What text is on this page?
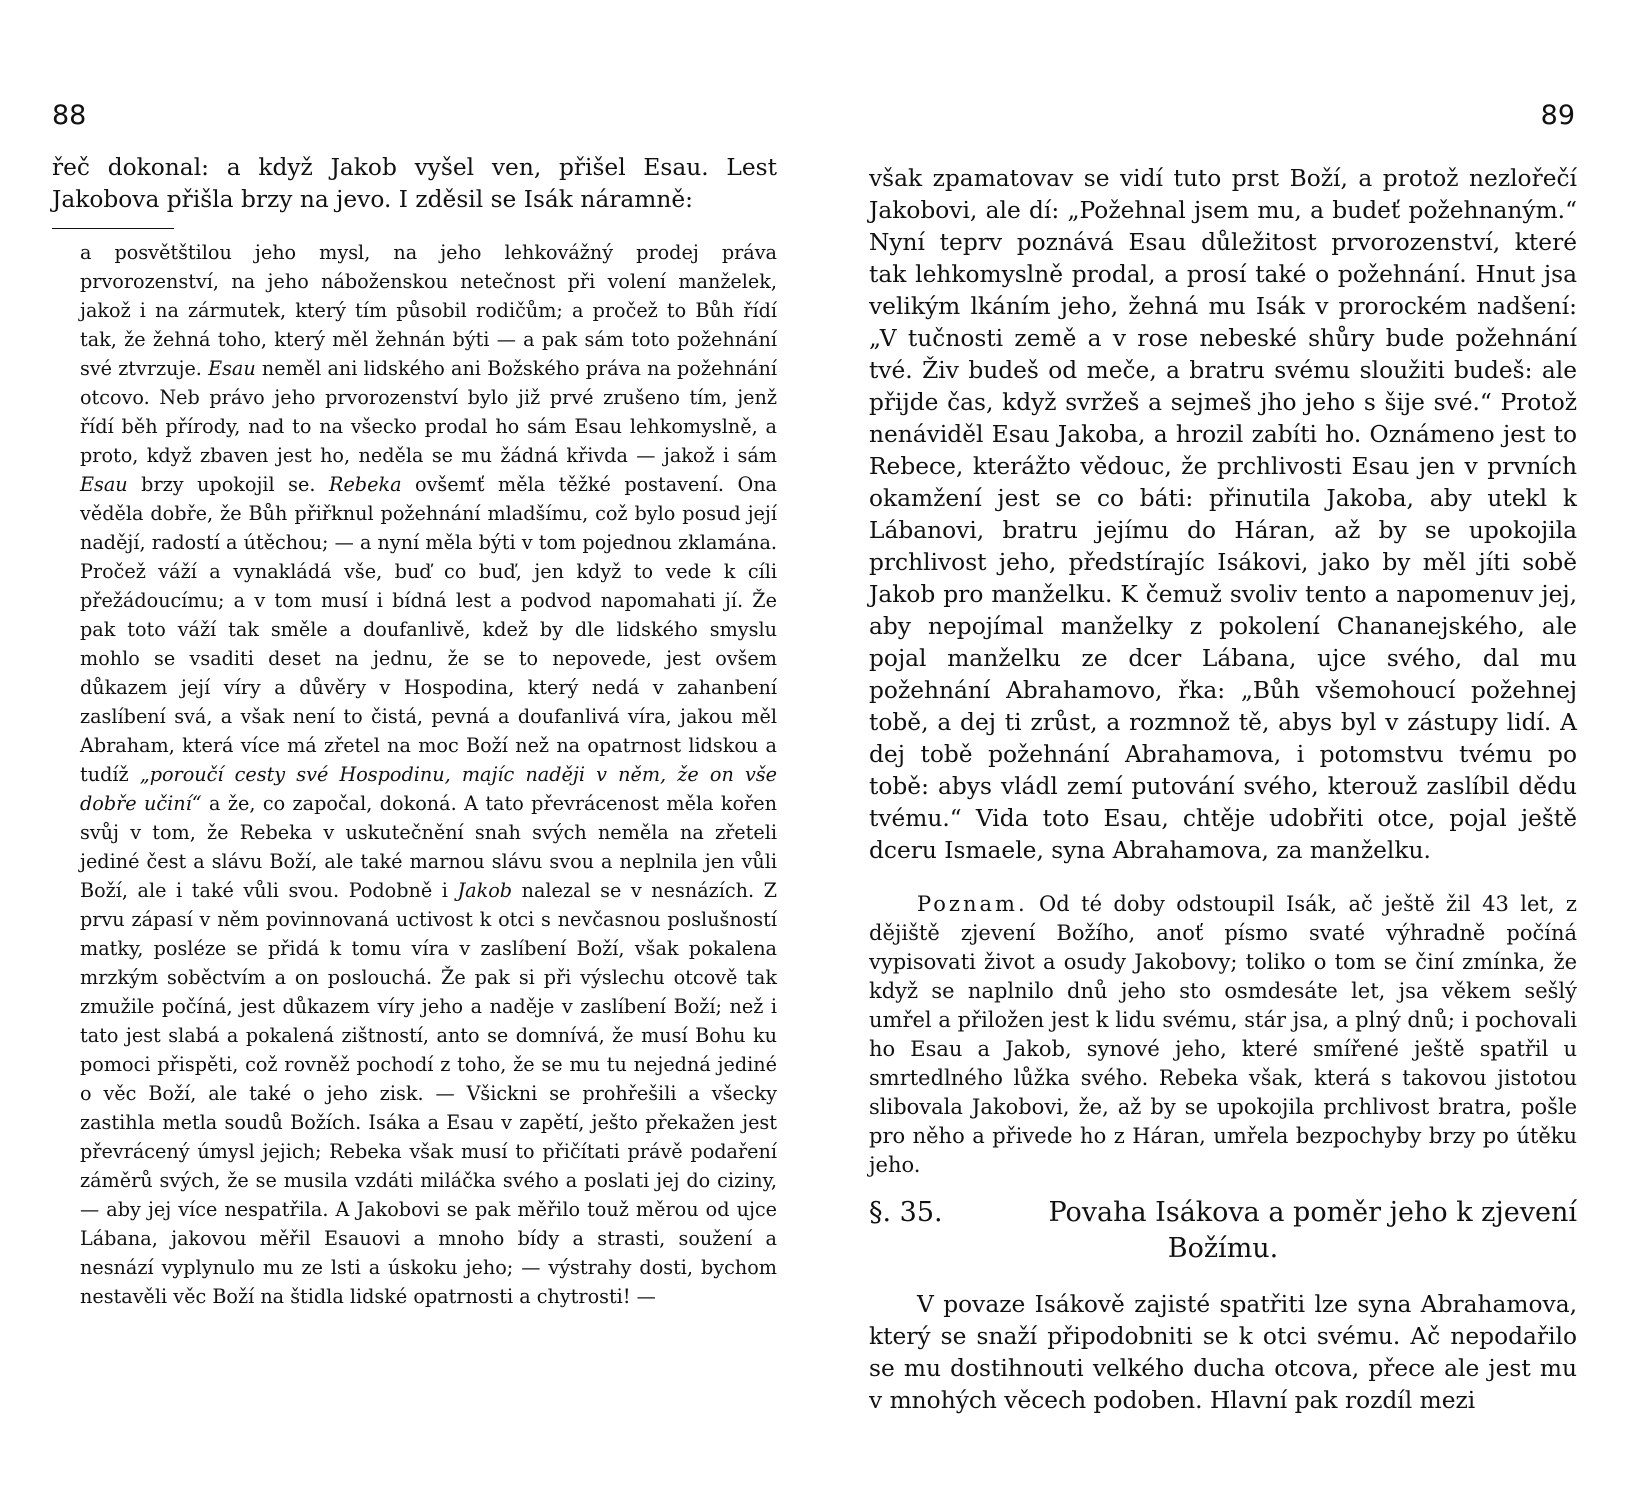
88

řeč dokonal: a když Jakob vyšel ven, přišel Esau. Lest Jakobova přišla brzy na jevo. I zděsil se Isák náramně:

a posvětštilou jeho mysl, na jeho lehkovážný prodej práva prvorozenství, na jeho náboženskou netečnost při volení manželek, jakož i na zármutek, který tím působil rodičům; a pročež to Bůh řídí tak, že žehná toho, který měl žehnán býti — a pak sám toto požehnání své ztvrzuje. Esau neměl ani lidského ani Božského práva na požehnání otcovo. Neb právo jeho prvorozenství bylo již prvé zrušeno tím, jenž řídí běh přírody, nad to na všecko prodal ho sám Esau lehkomyslně, a proto, když zbaven jest ho, neděla se mu žádná křivda — jakož i sám Esau brzy upokojil se. Rebeka ovšemť měla těžké postavení. Ona věděla dobře, že Bůh přiřknul požehnání mladšímu, což bylo posud její nadějí, radostí a útěchou; — a nyní měla býti v tom pojednou zklamána. Pročež váží a vynakládá vše, buď co buď, jen když to vede k cíli přežádoucímu; a v tom musí i bídná lest a podvod napomahati jí. Že pak toto váží tak směle a doufanlivě, kdež by dle lidského smyslu mohlo se vsaditi deset na jednu, že se to nepovede, jest ovšem důkazem její víry a důvěry v Hospodina, který nedá v zahanbení zaslíbení svá, a však není to čistá, pevná a doufanlivá víra, jakou měl Abraham, která více má zřetel na moc Boží než na opatrnost lidskou a tudíž „poroučí cesty své Hospodinu, majíc naději v něm, že on vše dobře učiní“ a že, co započal, dokoná. A tato převrácenost měla kořen svůj v tom, že Rebeka v uskutečnění snah svých neměla na zřeteli jediné čest a slávu Boží, ale také marnou slávu svou a neplnila jen vůli Boží, ale i také vůli svou. Podobně i Jakob nalezal se v nesnázích. Z prvu zápasí v něm povinnovaná uctivost k otci s nevčasnou poslušností matky, posléze se přidá k tomu víra v zaslíbení Boží, však pokalena mrzkým soběctvím a on poslouchá. Že pak si při výslechu otcově tak zmužile počíná, jest důkazem víry jeho a naděje v zaslíbení Boží; než i tato jest slabá a pokalená zištností, anto se domnívá, že musí Bohu ku pomoci přispěti, což rovněž pochodí z toho, že se mu tu nejedná jediné o věc Boží, ale také o jeho zisk. — Všickni se prohřešili a všecky zastihla metla soudů Božích. Isáka a Esau v zapětí, ješto překažen jest převrácený úmysl jejich; Rebeka však musí to přičítati právě podaření záměrů svých, že se musila vzdáti miláčka svého a poslati jej do ciziny, — aby jej více nespatřila. A Jakobovi se pak měřilo touž měrou od ujce Lábana, jakovou měřil Esauovi a mnoho bídy a strasti, soužení a nesnází vyplynulo mu ze lsti a úskoku jeho; — výstrahy dosti, bychom nestavěli věc Boží na štidla lidské opatrnosti a chytrosti! —

89

však zpamatovav se vidí tuto prst Boží, a protož nezlořečí Jakobovi, ale dí: „Požehnal jsem mu, a budeť požehnaným.“ Nyní teprv poznává Esau důležitost prvorozenství, které tak lehkomyslně prodal, a prosí také o požehnání. Hnut jsa velikým lkáním jeho, žehná mu Isák v prorockém nadšení: „V tučnosti země a v rose nebeské shůry bude požehnání tvé. Živ budeš od meče, a bratru svému sloužiti budeš: ale přijde čas, když svržeš a sejmeš jho jeho s šije své.“ Protož nenáviděl Esau Jakoba, a hrozil zabíti ho. Oznámeno jest to Rebece, kterážto vědouc, že prchlivosti Esau jen v prvních okamžení jest se co báti: přinutila Jakoba, aby utekl k Lábanovi, bratru jejímu do Háran, až by se upokojila prchlivost jeho, předstírajíc Isákovi, jako by měl jíti sobě Jakob pro manželku. K čemuž svoliv tento a napomenuv jej, aby nepojímal manželky z pokolení Chananejského, ale pojal manželku ze dcer Lábana, ujce svého, dal mu požehnání Abrahamovo, řka: „Bůh všemohoucí požehnej tobě, a dej ti zrůst, a rozmnož tě, abys byl v zástupy lidí. A dej tobě požehnání Abrahamova, i potomstvu tvému po tobě: abys vládl zemí putování svého, kterouž zaslíbil dědu tvému.“ Vida toto Esau, chtěje udobřiti otce, pojal ještě dceru Ismaele, syna Abrahamova, za manželku.

Poznam. Od té doby odstoupil Isák, ač ještě žil 43 let, z dějiště zjevení Božího, anoť písmo svaté výhradně počíná vypisovati život a osudy Jakobovy; toliko o tom se činí zmínka, že když se naplnilo dnů jeho sto osmdesáte let, jsa věkem sešlý umřel a přiložen jest k lidu svému, stár jsa, a plný dnů; i pochovali ho Esau a Jakob, synové jeho, které smířené ještě spatřil u smrtedlného lůžka svého. Rebeka však, která s takovou jistotou slibovala Jakobovi, že, až by se upokojila prchlivost bratra, pošle pro něho a přivede ho z Háran, umřela bezpochyby brzy po útěku jeho.

§. 35.	Povaha Isákova a poměr jeho k zjevení
Božímu.

V povaze Isákově zajisté spatřiti lze syna Abrahamova, který se snaží připodobniti se k otci svému. Ač nepodařilo se mu dostihnouti velkého ducha otcova, přece ale jest mu v mnohých věcech podoben. Hlavní pak rozdíl mezi
